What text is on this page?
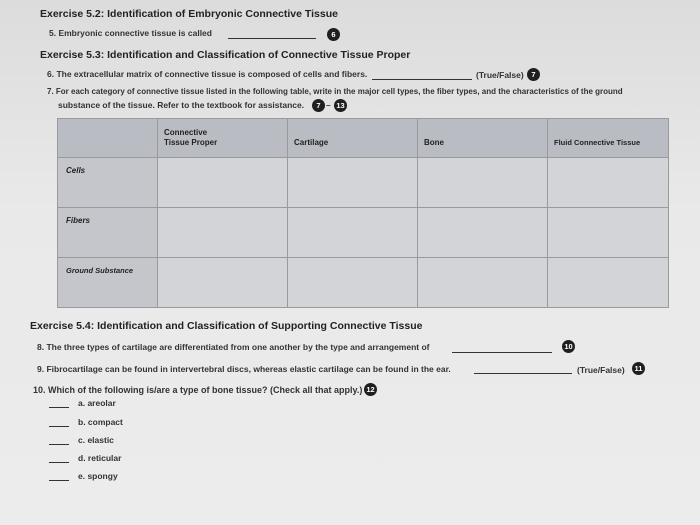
Exercise 5.2: Identification of Embryonic Connective Tissue
5. Embryonic connective tissue is called	6
Exercise 5.3: Identification and Classification of Connective Tissue Proper
6. The extracellular matrix of connective tissue is composed of cells and fibers.	(True/False)	7
7. For each category of connective tissue listed in the following table, write in the major cell types, the fiber types, and the characteristics of the ground
substance of the tissue. Refer to the textbook for assistance.	7 – 13
	Connective Tissue Proper	Cartilage	Bone	Fluid Connective Tissue
Cells				
Fibers				
Ground Substance				
Exercise 5.4: Identification and Classification of Supporting Connective Tissue
8. The three types of cartilage are differentiated from one another by the type and arrangement of	10
9. Fibrocartilage can be found in intervertebral discs, whereas elastic cartilage can be found in the ear.	(True/False)	11
10. Which of the following is/are a type of bone tissue? (Check all that apply.) 12
a. areolar
b. compact
c. elastic
d. reticular
e. spongy
